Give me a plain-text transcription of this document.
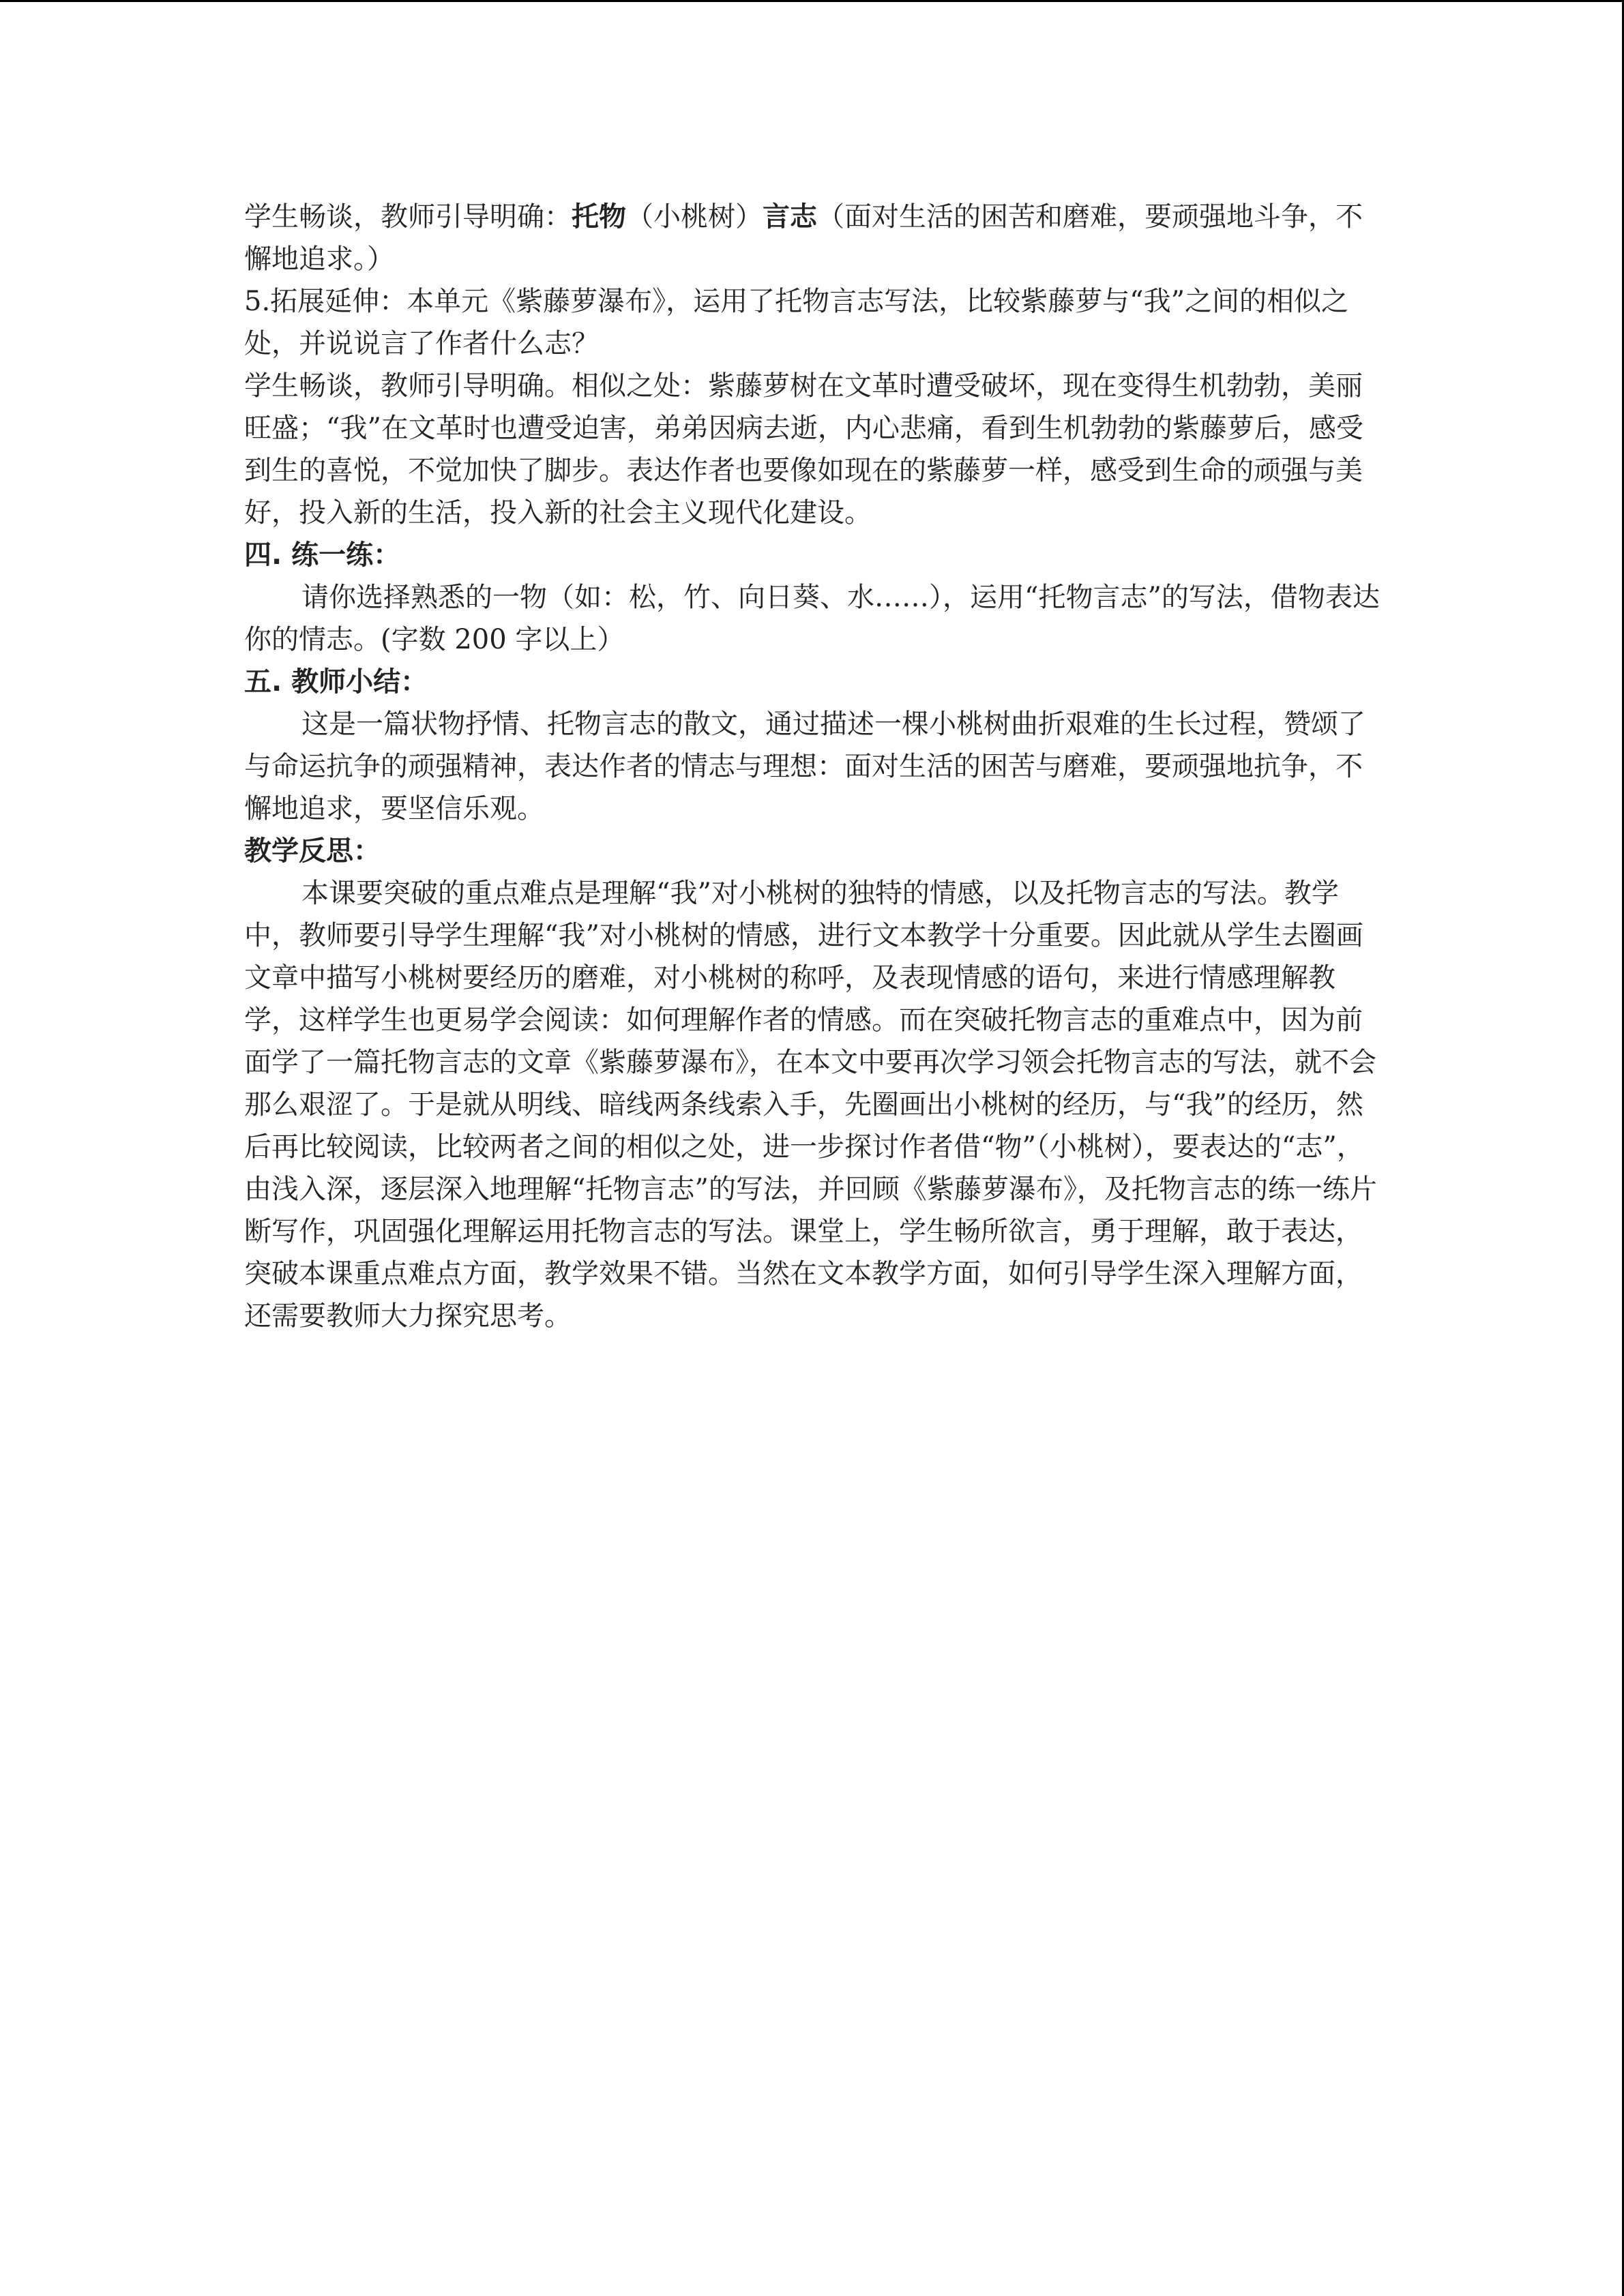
学生畅谈，教师引导明确：托物（小桃树）言志（面对生活的困苦和磨难，要顽强地斗争，不懈地追求。）

5.拓展延伸：本单元《紫藤萝瀑布》，运用了托物言志写法，比较紫藤萝与“我”之间的相似之处，并说说言了作者什么志？

学生畅谈，教师引导明确。相似之处：紫藤萝树在文革时遭受破坏，现在变得生机勃勃，美丽旺盛；“我”在文革时也遭受迫害，弟弟因病去逝，内心悲痛，看到生机勃勃的紫藤萝后，感受到生的喜悦，不觉加快了脚步。表达作者也要像如现在的紫藤萝一样，感受到生命的顽强与美好，投入新的生活，投入新的社会主义现代化建设。

四. 练一练：

请你选择熟悉的一物（如：松，竹、向日葵、水……），运用“托物言志”的写法，借物表达你的情志。(字数 200 字以上）

五. 教师小结：

这是一篇状物抒情、托物言志的散文，通过描述一棵小桃树曲折艰难的生长过程，赞颂了与命运抗争的顽强精神，表达作者的情志与理想：面对生活的困苦与磨难，要顽强地抗争，不懈地追求，要坚信乐观。

教学反思：

本课要突破的重点难点是理解“我”对小桃树的独特的情感，以及托物言志的写法。教学中，教师要引导学生理解“我”对小桃树的情感，进行文本教学十分重要。因此就从学生去圈画文章中描写小桃树要经历的磨难，对小桃树的称呼，及表现情感的语句，来进行情感理解教学，这样学生也更易学会阅读：如何理解作者的情感。而在突破托物言志的重难点中，因为前面学了一篇托物言志的文章《紫藤萝瀑布》，在本文中要再次学习领会托物言志的写法，就不会那么艰涩了。于是就从明线、暗线两条线索入手，先圈画出小桃树的经历，与“我”的经历，然后再比较阅读，比较两者之间的相似之处，进一步探讨作者借“物”（小桃树），要表达的“志”，由浅入深，逐层深入地理解“托物言志”的写法，并回顾《紫藤萝瀑布》，及托物言志的练一练片断写作，巩固强化理解运用托物言志的写法。课堂上，学生畅所欲言，勇于理解，敢于表达，突破本课重点难点方面，教学效果不错。当然在文本教学方面，如何引导学生深入理解方面，还需要教师大力探究思考。
